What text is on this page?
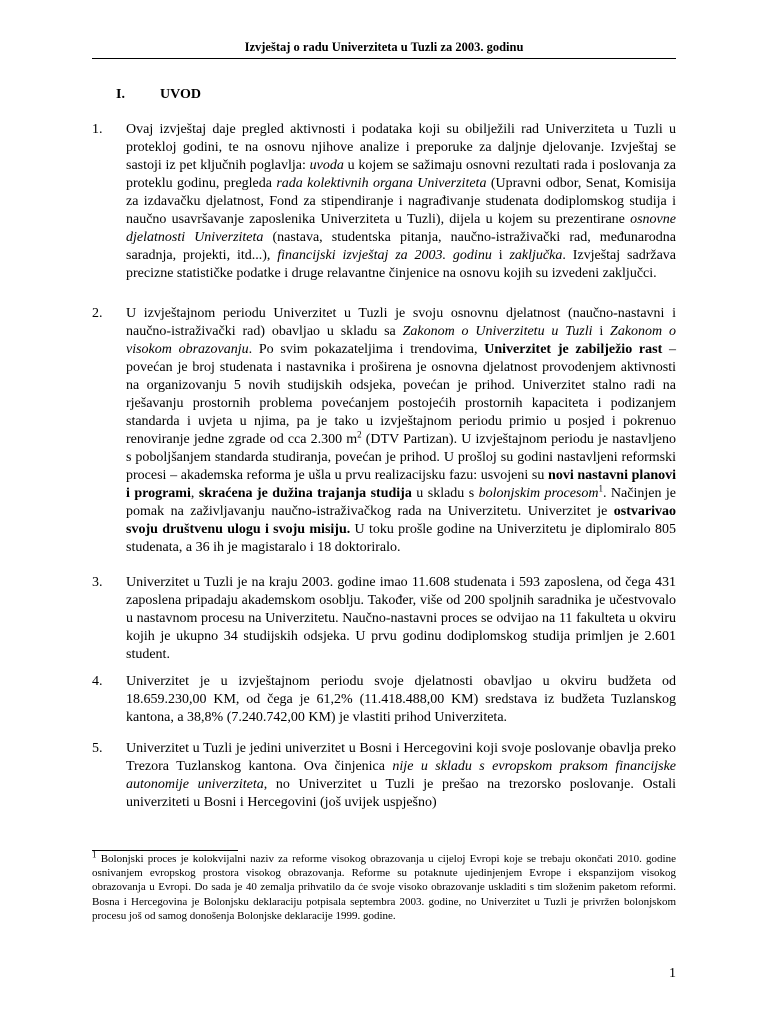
Izvještaj o radu Univerziteta u Tuzli za 2003. godinu
I.	UVOD
1. Ovaj izvještaj daje pregled aktivnosti i podataka koji su obilježili rad Univerziteta u Tuzli u protekloj godini, te na osnovu njihove analize i preporuke za daljnje djelovanje. Izvještaj se sastoji iz pet ključnih poglavlja: uvoda u kojem se sažimaju osnovni rezultati rada i poslovanja za proteklu godinu, pregleda rada kolektivnih organa Univerziteta (Upravni odbor, Senat, Komisija za izdavačku djelatnost, Fond za stipendiranje i nagrađivanje studenata dodiplomskog studija i naučno usavršavanje zaposlenika Univerziteta u Tuzli), dijela u kojem su prezentirane osnovne djelatnosti Univerziteta (nastava, studentska pitanja, naučno-istraživački rad, međunarodna saradnja, projekti, itd...), financijski izvještaj za 2003. godinu i zaključka. Izvještaj sadržava precizne statističke podatke i druge relavantne činjenice na osnovu kojih su izvedeni zaključci.
2. U izvještajnom periodu Univerzitet u Tuzli je svoju osnovnu djelatnost (naučno-nastavni i naučno-istraživački rad) obavljao u skladu sa Zakonom o Univerzitetu u Tuzli i Zakonom o visokom obrazovanju. Po svim pokazateljima i trendovima, Univerzitet je zabilježio rast – povećan je broj studenata i nastavnika i proširena je osnovna djelatnost provodenjem aktivnosti na organizovanju 5 novih studijskih odsjeka, povećan je prihod. Univerzitet stalno radi na rješavanju prostornih problema povećanjem postojećih prostornih kapaciteta i podizanjem standarda i uvjeta u njima, pa je tako u izvještajnom periodu primio u posjed i pokrenuo renoviranje jedne zgrade od cca 2.300 $m^2$ (DTV Partizan). U izvještajnom periodu je nastavljeno s poboljšanjem standarda studiranja, povećan je prihod. U prošloj su godini nastavljeni reformski procesi – akademska reforma je ušla u prvu realizacijsku fazu: usvojeni su novi nastavni planovi i programi, skraćena je dužina trajanja studija u skladu s bolonjskim procesom$^1$. Načinjen je pomak na zaživljavanju naučno-istraživačkog rada na Univerzitetu. Univerzitet je ostvarivao svoju društvenu ulogu i svoju misiju. U toku prošle godine na Univerzitetu je diplomiralo 805 studenata, a 36 ih je magistaralo i 18 doktoriralo.
3. Univerzitet u Tuzli je na kraju 2003. godine imao 11.608 studenata i 593 zaposlena, od čega 431 zaposlena pripadaju akademskom osoblju. Također, više od 200 spoljnih saradnika je učestvovalo u nastavnom procesu na Univerzitetu. Naučno-nastavni proces se odvijao na 11 fakulteta u okviru kojih je ukupno 34 studijskih odsjeka. U prvu godinu dodiplomskog studija primljen je 2.601 student.
4. Univerzitet je u izvještajnom periodu svoje djelatnosti obavljao u okviru budžeta od 18.659.230,00 KM, od čega je 61,2% (11.418.488,00 KM) sredstava iz budžeta Tuzlanskog kantona, a 38,8% (7.240.742,00 KM) je vlastiti prihod Univerziteta.
5. Univerzitet u Tuzli je jedini univerzitet u Bosni i Hercegovini koji svoje poslovanje obavlja preko Trezora Tuzlanskog kantona. Ova činjenica nije u skladu s evropskom praksom financijske autonomije univerziteta, no Univerzitet u Tuzli je prešao na trezorsko poslovanje. Ostali univerziteti u Bosni i Hercegovini (još uvijek uspješno)
$^1$ Bolonjski proces je kolokvijalni naziv za reforme visokog obrazovanja u cijeloj Evropi koje se trebaju okončati 2010. godine osnivanjem evropskog prostora visokog obrazovanja. Reforme su potaknute ujedinjenjem Evrope i ekspanzijom visokog obrazovanja u Evropi. Do sada je 40 zemalja prihvatilo da će svoje visoko obrazovanje uskladiti s tim složenim paketom reformi. Bosna i Hercegovina je Bolonjsku deklaraciju potpisala septembra 2003. godine, no Univerzitet u Tuzli je privržen bolonjskom procesu još od samog donošenja Bolonjske deklaracije 1999. godine.
1
